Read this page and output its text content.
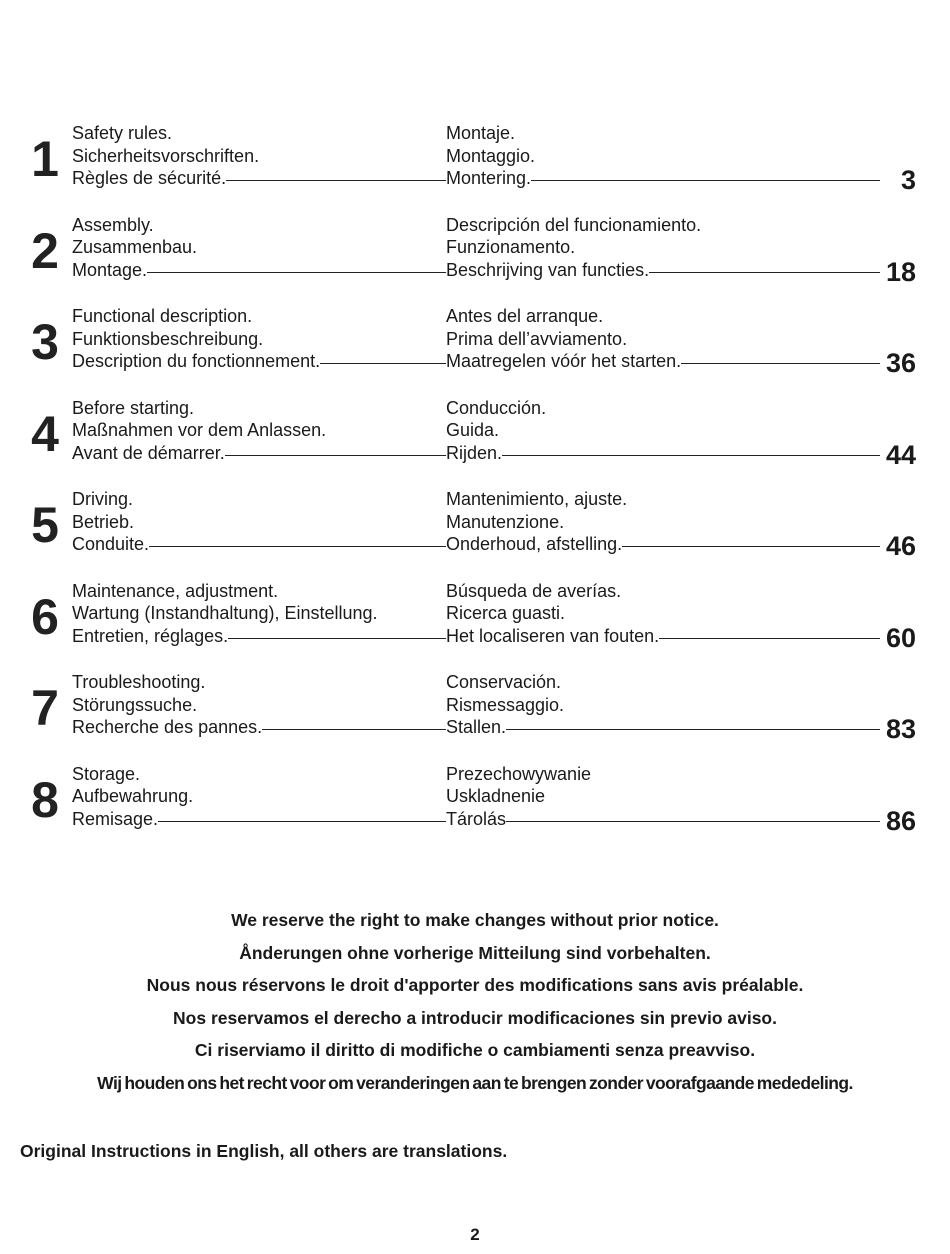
1 Safety rules.
Sicherheitsvorschriften.
Règles de sécurité.
Montaje.
Montaggio.
Montering.	3
2 Assembly.
Zusammenbau.
Montage.
Descripción del funcionamiento.
Funzionamento.
Beschrijving van functies.	18
3 Functional description.
Funktionsbeschreibung.
Description du fonctionnement.
Antes del arranque.
Prima dell’avviamento.
Maatregelen vóór het starten.	36
4 Before starting.
Maßnahmen vor dem Anlassen.
Avant de démarrer.
Conducción.
Guida.
Rijden.	44
5 Driving.
Betrieb.
Conduite.
Mantenimiento, ajuste.
Manutenzione.
Onderhoud, afstelling.	46
6 Maintenance, adjustment.
Wartung (Instandhaltung), Einstellung.
Entretien, réglages.
Búsqueda de averías.
Ricerca guasti.
Het localiseren van fouten.	60
7 Troubleshooting.
Störungssuche.
Recherche des pannes.
Conservación.
Rismessaggio.
Stallen.	83
8 Storage.
Aufbewahrung.
Remisage.
Prezechowywanie
Uskladnenie
Tárolás	86
We reserve the right to make changes without prior notice.
Ånderungen ohne vorherige Mitteilung sind vorbehalten.
Nous nous réservons le droit d'apporter des modifications sans avis préalable.
Nos reservamos el derecho a introducir modificaciones sin previo aviso.
Ci riserviamo il diritto di modifiche o cambiamenti senza preavviso.
Wij houden ons het recht voor om veranderingen aan te brengen zonder voorafgaande mededeling.
Original Instructions in English, all others are translations.
2
